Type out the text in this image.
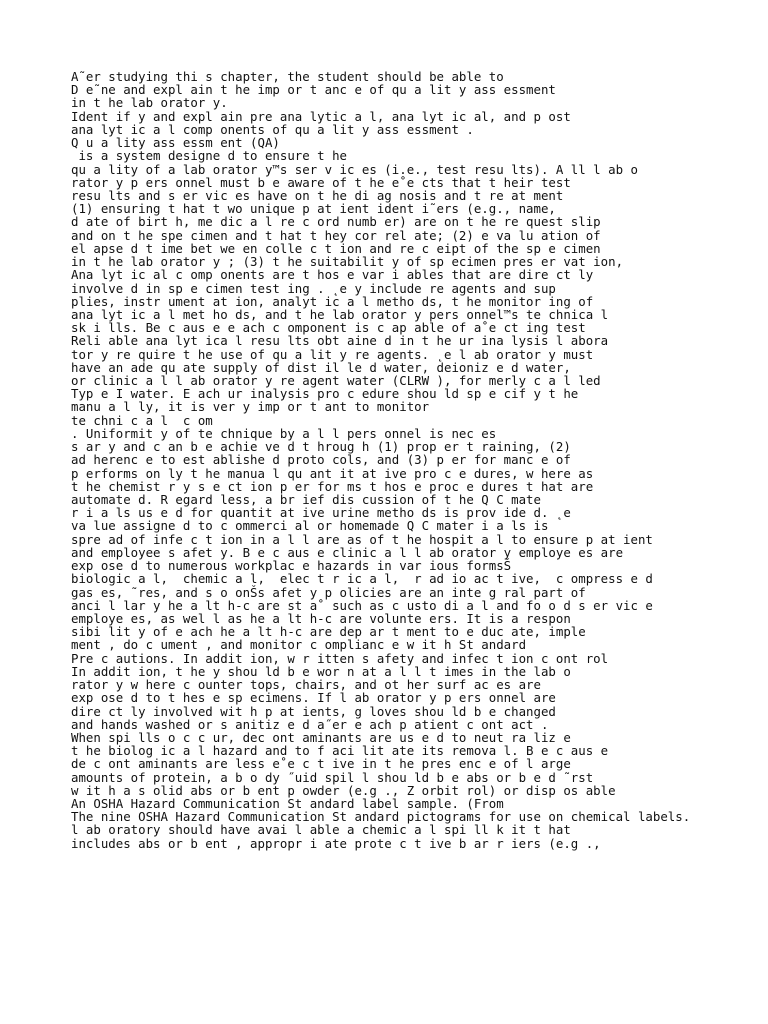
A˜er studying thi s chapter, the student should be able to
D e˜ne and expl ain t he imp or t anc e of qu a lit y ass essment
in t he lab orator y.
Ident if y and expl ain pre ana lytic a l, ana lyt ic al, and p ost
ana lyt ic a l comp onents of qu a lit y ass essment .
Q u a lity ass essm ent (QA)
is a system designe d to ensure t he
qu a lity of a lab orator y™s ser v ic es (i.e., test resu lts). A ll l ab o
rator y p ers onnel must b e aware of t he e˚e cts that t heir test
resu lts and s er vic es have on t he di ag nosis and t re at ment
(1) ensuring t hat t wo unique p at ient ident i˜ers (e.g., name,
d ate of birt h, me dic a l re c ord numb er) are on t he re quest slip
and on t he spe cimen and t hat t hey cor rel ate; (2) e va lu ation of
el apse d t ime bet we en colle c t ion and re c eipt of the sp e cimen
in t he lab orator y ; (3) t he suitabilit y of sp ecimen pres er vat ion,
Ana lyt ic al c omp onents are t hos e var i ables that are dire ct ly
involve d in sp e cimen test ing . ˛e y include re agents and sup
plies, instr ument at ion, analyt ic a l metho ds, t he monitor ing of
ana lyt ic a l met ho ds, and t he lab orator y pers onnel™s te chnica l
sk i lls. Be c aus e e ach c omponent is c ap able of a˚e ct ing test
Reli able ana lyt ica l resu lts obt aine d in t he ur ina lysis l abora
tor y re quire t he use of qu a lit y re agents. ˛e l ab orator y must
have an ade qu ate supply of dist il le d water, deioniz e d water,
or clinic a l l ab orator y re agent water (CLRW ), for merly c a l led
Typ e I water. E ach ur inalysis pro c edure shou ld sp e cif y t he
manu a l ly, it is ver y imp or t ant to monitor
te chni c a l  c om
. Uniformit y of te chnique by a l l pers onnel is nec es
s ar y and c an b e achie ve d t hroug h (1) prop er t raining, (2)
ad herenc e to est ablishe d proto cols, and (3) p er for manc e of
p erforms on ly t he manua l qu ant it at ive pro c e dures, w here as
t he chemist r y s e ct ion p er for ms t hos e proc e dures t hat are
automate d. R egard less, a br ief dis cussion of t he Q C mate
r i a ls us e d for quantit at ive urine metho ds is prov ide d. ˛e
va lue assigne d to c ommerci al or homemade Q C mater i a ls is
spre ad of infe c t ion in a l l are as of t he hospit a l to ensure p at ient
and employee s afet y. B e c aus e clinic a l l ab orator y employe es are
exp ose d to numerous workplac e hazards in var ious formsŠ
biologic a l,  chemic a l,  elec t r ic a l,  r ad io ac t ive,  c ompress e d
gas es, ˜res, and s o onŠs afet y p olicies are an inte g ral part of
anci l lar y he a lt h-c are st a˚ such as c usto di a l and fo o d s er vic e
employe es, as wel l as he a lt h-c are volunte ers. It is a respon
sibi lit y of e ach he a lt h-c are dep ar t ment to e duc ate, imple
ment , do c ument , and monitor c omplianc e w it h St andard
Pre c autions. In addit ion, w r itten s afety and infec t ion c ont rol
In addit ion, t he y shou ld b e wor n at a l l t imes in the lab o
rator y w here c ounter tops, chairs, and ot her surf ac es are
exp ose d to t hes e sp ecimens. If l ab orator y p ers onnel are
dire ct ly involved wit h p at ients, g loves shou ld b e changed
and hands washed or s anitiz e d a˝er e ach p atient c ont act .
When spi lls o c c ur, dec ont aminants are us e d to neut ra liz e
t he biolog ic a l hazard and to f aci lit ate its remova l. B e c aus e
de c ont aminants are less e˚e c t ive in t he pres enc e of l arge
amounts of protein, a b o dy ˝uid spil l shou ld b e abs or b e d ˜rst
w it h a s olid abs or b ent p owder (e.g ., Z orbit rol) or disp os able
An OSHA Hazard Communication St andard label sample. (From
The nine OSHA Hazard Communication St andard pictograms for use on chemical labels.
l ab oratory should have avai l able a chemic a l spi ll k it t hat
includes abs or b ent , appropr i ate prote c t ive b ar r iers (e.g .,
